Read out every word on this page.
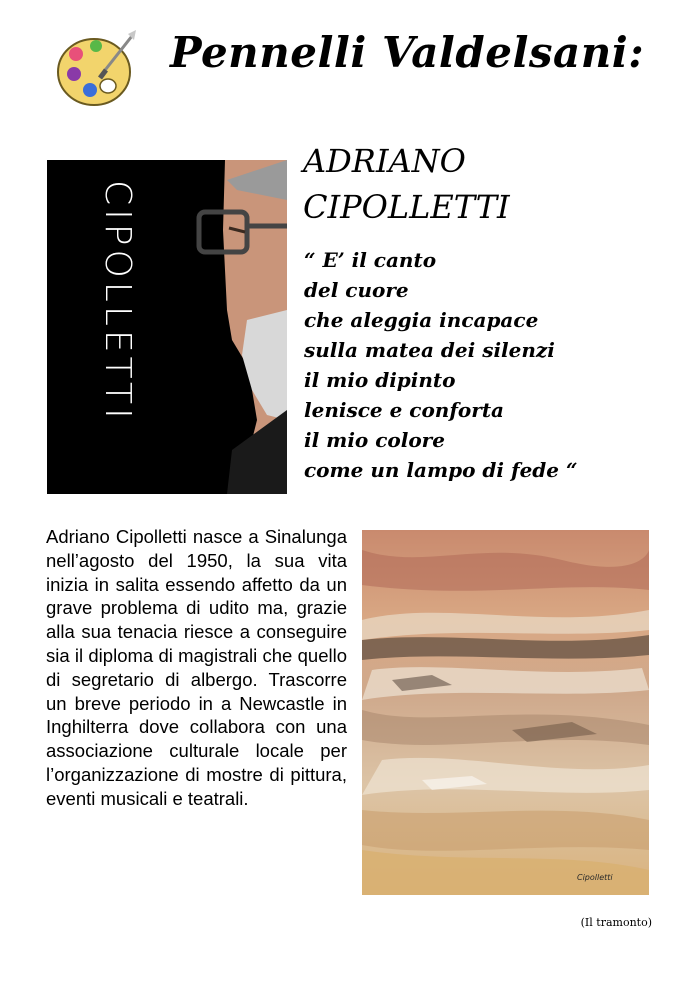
Pennelli Valdelsani:
CIPOLLETTI
ADRIANO
CIPOLLETTI
“ E’ il canto
del cuore
che aleggia incapace
sulla matea dei silenzi
il mio dipinto
lenisce e conforta
il mio colore
come un lampo di fede “
Adriano Cipolletti nasce a Sinalunga nell’agosto del 1950, la sua vita inizia in salita essendo affetto da un grave problema di udito ma, grazie alla sua tenacia riesce a conseguire sia il diploma di magistrali che quello di segretario di albergo. Trascorre un breve periodo in a Newcastle in Inghilterra dove collabora con una associazione culturale locale per l’organizzazione di mostre di pittura, eventi musicali e teatrali.
Cipolletti
(Il tramonto)
